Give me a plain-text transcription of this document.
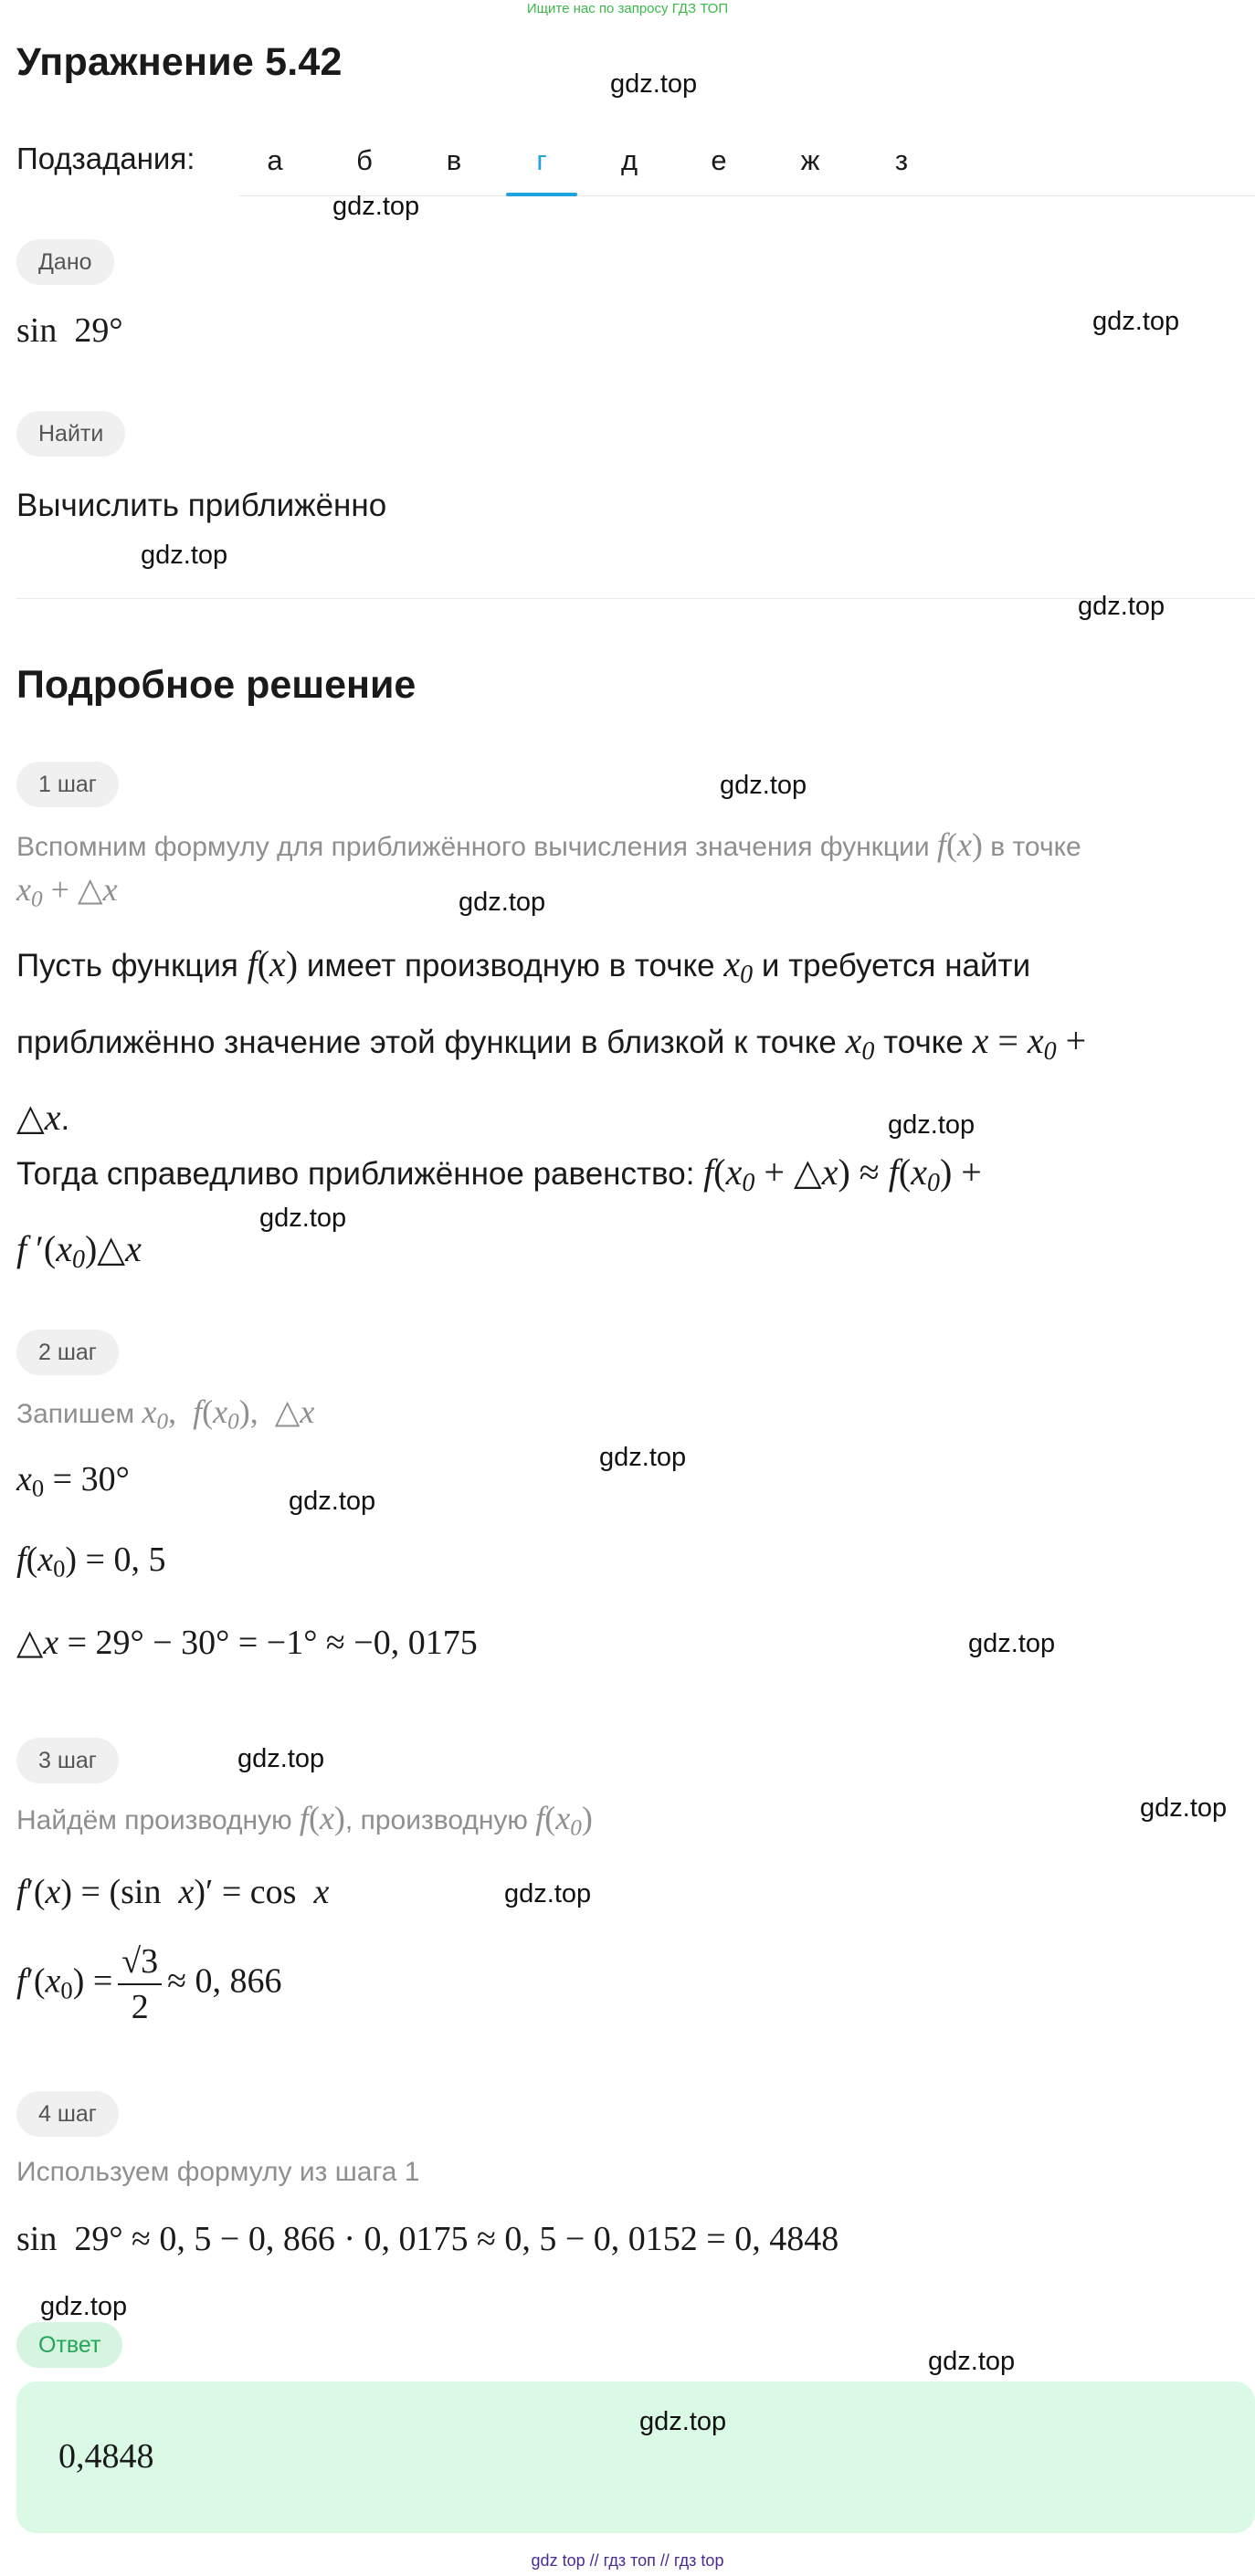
Ищите нас по запросу ГДЗ ТОП
Упражнение 5.42
Подзадания:	а	б	в	г	д	е	ж	з
Дано
sin  29°
Найти
Вычислить приближённо
Подробное решение
1 шаг
Вспомним формулу для приближённого вычисления значения функции f(x) в точке
$x_0$ + △x
Пусть функция f(x) имеет производную в точке $x_0$ и требуется найти
приближённо значение этой функции в близкой к точке $x_0$ точке $x = x_0$ +
△x.
Тогда справедливо приближённое равенство: $f(x_0$ + △x) ≈ $f(x_0)$ +
f $'(x_0)\triangle x$
2 шаг
Запишем $x_0$,  $f(x_0)$,  △x
$x_0 = 30^\circ$
$f(x_0) = 0$, 5
△x = 29° − 30° = −1° ≈ −0, 0175
3 шаг
Найдём производную f(x), производную $f(x_0)$
f′(x) = (sin  x)′ = cos  x
$f'(x_0) = \frac{√3}{2} \approx 0$, 866
4 шаг
Используем формулу из шага 1
sin  29° ≈ 0, 5 − 0, 866 · 0, 0175 ≈ 0, 5 − 0, 0152 = 0, 4848
Ответ
0,4848
gdz.top
gdz.top
gdz.top
gdz.top
gdz.top
gdz.top
gdz.top
gdz.top
gdz.top
gdz.top
gdz.top
gdz.top
gdz.top
gdz.top
gdz.top
gdz.top
gdz.top
gdz.top
gdz top // гдз топ // гдз top
